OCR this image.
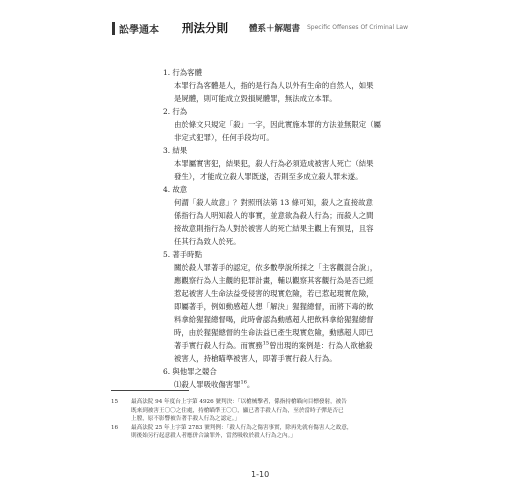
訟學通本 刑法分則 體系＋解題書 Specific Offenses Of Criminal Law
1. 行為客體
本罪行為客體是人，指的是行為人以外有生命的自然人，如果
是屍體，則可能成立毀損屍體罪，無法成立本罪。
2. 行為
由於條文只規定「殺」一字，因此實施本罪的方法並無限定（屬
非定式犯罪），任何手段均可。
3. 結果
本罪屬實害犯，結果犯，殺人行為必須造成被害人死亡（結果
發生），才能成立殺人罪既遂，否則至多成立殺人罪未遂。
4. 故意
何謂「殺人故意」？對照刑法第 13 條可知，殺人之直接故意
係指行為人明知殺人的事實，並意欲為殺人行為；而殺人之間
接故意則指行為人對於被害人的死亡結果主觀上有預見，且容
任其行為致人於死。
5. 著手時點
關於殺人罪著手的認定，依多數學說所採之「主客觀混合說」，
應觀察行為人主觀的犯罪計畫，輔以觀察其客觀行為是否已經
惹起被害人生命法益受侵害的現實危險，若已惹起現實危險，
即屬著手，例如動感超人想「解決」猩猩總督，而將下毒的飲
料拿給猩猩總督喝，此時會認為動感超人把飲料拿給猩猩總督
時，由於猩猩總督的生命法益已產生現實危險，動感超人即已
著手實行殺人行為。而實務$^{15}$曾出現的案例是：行為人欲槍殺
被害人，持槍瞄準被害人，即著手實行殺人行為。
6. 與他罪之競合
⑴殺人罪吸收傷害罪$^{16}$。
15 最高法院 94 年度台上字第 4926 號判決：「以槍械擊者，係指持槍瞄向目標發射，被告
既來到被害王〇〇之住處，持槍瞄準王〇〇，顯已著手殺人行為，至於當時子彈是否已
上膛，原不影響被告著手殺人行為之認定。」
16 最高法院 25 年上字第 2783 號判例：「殺人行為之傷害事實，除再先就有傷害人之故意，
則後始另行起意殺人者應併合論罪外，當然吸收於殺人行為之內。」
1-10
